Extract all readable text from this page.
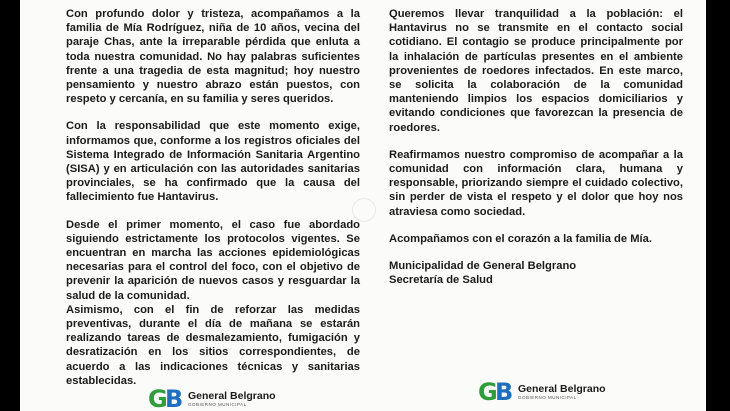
Con profundo dolor y tristeza, acompañamos a la familia de Mía Rodríguez, niña de 10 años, vecina del paraje Chas, ante la irreparable pérdida que enluta a toda nuestra comunidad. No hay palabras suficientes frente a una tragedia de esta magnitud; hoy nuestro pensamiento y nuestro abrazo están puestos, con respeto y cercanía, en su familia y seres queridos.

Con la responsabilidad que este momento exige, informamos que, conforme a los registros oficiales del Sistema Integrado de Información Sanitaria Argentino (SISA) y en articulación con las autoridades sanitarias provinciales, se ha confirmado que la causa del fallecimiento fue Hantavirus.

Desde el primer momento, el caso fue abordado siguiendo estrictamente los protocolos vigentes. Se encuentran en marcha las acciones epidemiológicas necesarias para el control del foco, con el objetivo de prevenir la aparición de nuevos casos y resguardar la salud de la comunidad.

Asimismo, con el fin de reforzar las medidas preventivas, durante el día de mañana se estarán realizando tareas de desmalezamiento, fumigación y desratización en los sitios correspondientes, de acuerdo a las indicaciones técnicas y sanitarias establecidas.

Queremos llevar tranquilidad a la población: el Hantavirus no se transmite en el contacto social cotidiano. El contagio se produce principalmente por la inhalación de partículas presentes en el ambiente provenientes de roedores infectados. En este marco, se solicita la colaboración de la comunidad manteniendo limpios los espacios domiciliarios y evitando condiciones que favorezcan la presencia de roedores.

Reafirmamos nuestro compromiso de acompañar a la comunidad con información clara, humana y responsable, priorizando siempre el cuidado colectivo, sin perder de vista el respeto y el dolor que hoy nos atraviesa como sociedad.

Acompañamos con el corazón a la familia de Mía.

Municipalidad de General Belgrano

Secretaría de Salud

G
B General Belgrano
GOBIERNO MUNICIPAL	G
B General Belgrano
GOBIERNO MUNICIPAL
